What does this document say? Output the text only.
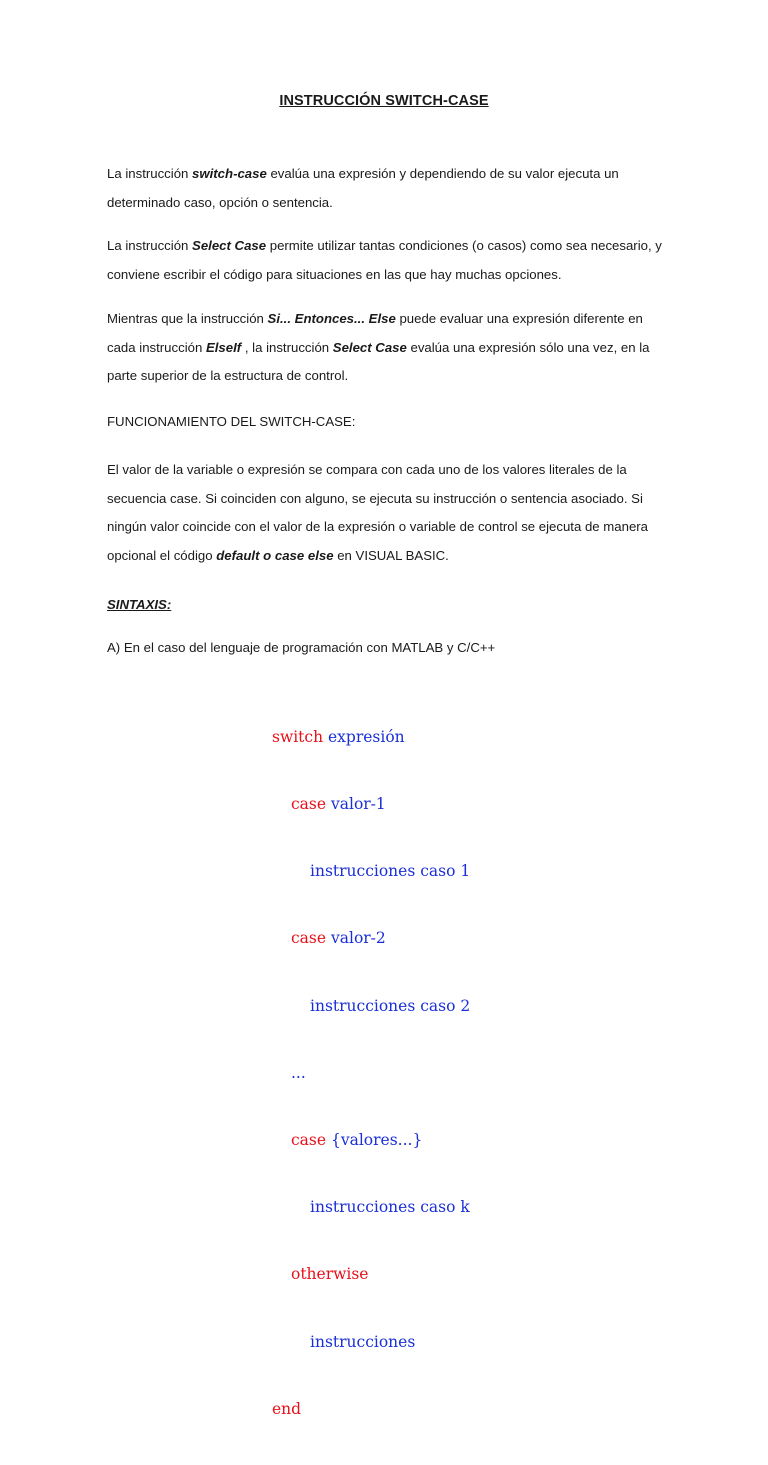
INSTRUCCIÓN SWITCH-CASE

La instrucción switch-case evalúa una expresión y dependiendo de su valor ejecuta un determinado caso, opción o sentencia.

La instrucción Select Case permite utilizar tantas condiciones (o casos) como sea necesario, y conviene escribir el código para situaciones en las que hay muchas opciones.

Mientras que la instrucción Si... Entonces... Else puede evaluar una expresión diferente en cada instrucción ElseIf , la instrucción Select Case evalúa una expresión sólo una vez, en la parte superior de la estructura de control.

FUNCIONAMIENTO DEL SWITCH-CASE:

El valor de la variable o expresión se compara con cada uno de los valores literales de la secuencia case. Si coinciden con alguno, se ejecuta su instrucción o sentencia asociado. Si ningún valor coincide con el valor de la expresión o variable de control se ejecuta de manera opcional el código default o case else en VISUAL BASIC.

SINTAXIS:

A) En el caso del lenguaje de programación con MATLAB y C/C++

switch expresión

case valor-1

instrucciones caso 1

case valor-2

instrucciones caso 2

...

case {valores...}

instrucciones caso k

otherwise

instrucciones

end
